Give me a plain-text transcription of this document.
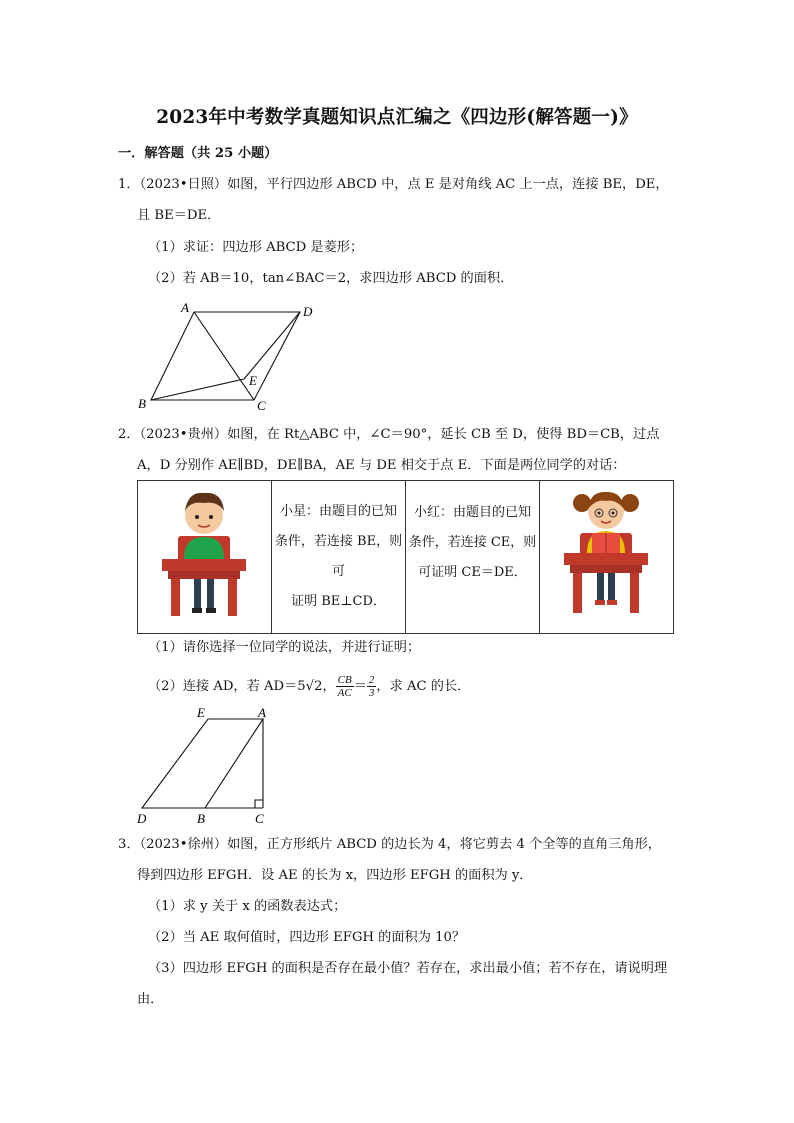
2023年中考数学真题知识点汇编之《四边形(解答题一)》
一．解答题（共 25 小题）
1．（2023•日照）如图，平行四边形 ABCD 中，点 E 是对角线 AC 上一点，连接 BE，DE，
且 BE＝DE．
（1）求证：四边形 ABCD 是菱形；
（2）若 AB＝10，tan∠BAC＝2，求四边形 ABCD 的面积．
A	D
B	C
E
2．（2023•贵州）如图，在 Rt△ABC 中，∠C＝90°，延长 CB 至 D，使得 BD＝CB，过点
A，D 分别作 AE∥BD，DE∥BA，AE 与 DE 相交于点 E．下面是两位同学的对话：

小星：由题目的已知
条件，若连接 BE，则
可
证明 BE⊥CD．

小红：由题目的已知
条件，若连接 CE，则
可证明 CE＝DE．

（1）请你选择一位同学的说法，并进行证明；
（2）连接 AD，若 AD＝5√2， $\frac{CB}{AC} = \frac{2}{3}$ ，求 AC 的长．
E	A
D	B	C
3．（2023•徐州）如图，正方形纸片 ABCD 的边长为 4，将它剪去 4 个全等的直角三角形，
得到四边形 EFGH．设 AE 的长为 x，四边形 EFGH 的面积为 y．
（1）求 y 关于 x 的函数表达式；
（2）当 AE 取何值时，四边形 EFGH 的面积为 10？
（3）四边形 EFGH 的面积是否存在最小值？若存在，求出最小值；若不存在，请说明理
由．
